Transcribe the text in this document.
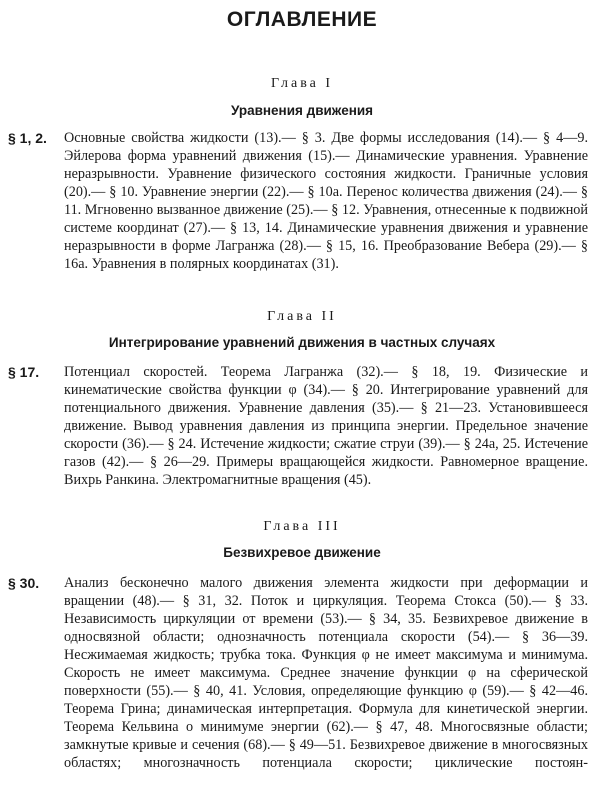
ОГЛАВЛЕНИЕ
Глава I
Уравнения движения
§ 1, 2. Основные свойства жидкости (13).— § 3. Две формы исследования (14).— § 4—9. Эйлерова форма уравнений движения (15).— Динамические уравнения. Уравнение неразрывности. Уравнение физического состояния жидкости. Граничные условия (20).— § 10. Уравнение энергии (22).— § 10а. Перенос количества движения (24).— § 11. Мгновенно вызванное движение (25).— § 12. Уравнения, отнесенные к подвижной системе координат (27).— § 13, 14. Динамические уравнения движения и уравнение неразрывности в форме Лагранжа (28).— § 15, 16. Преобразование Вебера (29).— § 16а. Уравнения в полярных координатах (31).
Глава II
Интегрирование уравнений движения в частных случаях
§ 17. Потенциал скоростей. Теорема Лагранжа (32).— § 18, 19. Физические и кинематические свойства функции φ (34).— § 20. Интегрирование уравнений для потенциального движения. Уравнение давления (35).— § 21—23. Установившееся движение. Вывод уравнения давления из принципа энергии. Предельное значение скорости (36).— § 24. Истечение жидкости; сжатие струи (39).— § 24а, 25. Истечение газов (42).— § 26—29. Примеры вращающейся жидкости. Равномерное вращение. Вихрь Ранкина. Электромагнитные вращения (45).
Глава III
Безвихревое движение
§ 30. Анализ бесконечно малого движения элемента жидкости при деформации и вращении (48).— § 31, 32. Поток и циркуляция. Теорема Стокса (50).— § 33. Независимость циркуляции от времени (53).— § 34, 35. Безвихревое движение в односвязной области; однозначность потенциала скорости (54).— § 36—39. Несжимаемая жидкость; трубка тока. Функция φ не имеет максимума и минимума. Скорость не имеет максимума. Среднее значение функции φ на сферической поверхности (55).— § 40, 41. Условия, определяющие функцию φ (59).— § 42—46. Теорема Грина; динамическая интерпретация. Формула для кинетической энергии. Теорема Кельвина о минимуме энергии (62).— § 47, 48. Многосвязные области; замкнутые кривые и сечения (68).— § 49—51. Безвихревое движение в многосвязных областях; многозначность потенциала скорости; циклические постоян-
